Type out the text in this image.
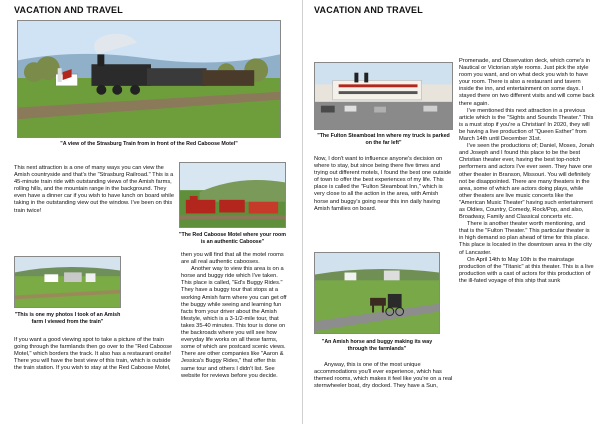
VACATION AND TRAVEL
"A view of the Strasburg Train from in front of the Red Caboose Motel"
This next attraction is a one of many ways you can view the Amish countryside and that's the "Strasburg Railroad." This is a 45-minute train ride with outstanding views of the Amish farms, rolling hills, and the mountain range in the background. They even have a dinner car if you wish to have lunch on board while taking in the outstanding view out the window. I've been on this train twice!
"The Red Caboose Motel where your room is an authentic Caboose"
"This is one my photos I took of an Amish farm I viewed from the train"
If you want a good viewing spot to take a picture of the train going through the farmlands then go over to the "Red Caboose Motel," which borders the track. It also has a restaurant onsite! There you will have the best view of this train, which is outside the train station. If you wish to stay at the Red Caboose Motel,
then you will find that all the motel rooms are all real authentic cabooses.

Another way to view this area is on a horse and buggy ride which I've taken. This place is called, "Ed's Buggy Rides." They have a buggy tour that stops at a working Amish farm where you can get off the buggy while seeing and learning fun facts from your driver about the Amish lifestyle, which is a 3-1/2-mile tour, that takes 35-40 minutes. This tour is done on the backroads where you will see how everyday life works on all these farms, some of which are postcard scenic views. There are other companies like "Aaron & Jessica's Buggy Rides," that offer this same tour and others I didn't list. See website for reviews before you decide.
VACATION AND TRAVEL
"The Fulton Steamboat Inn where my truck is parked on the far left"
Now, I don't want to influence anyone's decision on where to stay, but since being there five times and trying out different motels, I found the best one outside of town to offer the best experiences of my life. This place is called the "Fulton Steamboat Inn," which is very close to all the action in the area, with Amish horse and buggy's going near this inn daily having Amish families on board.
"An Amish horse and buggy making its way through the farmlands"
Anyway, this is one of the most unique accommodations you'll ever experience, which has themed rooms, which makes it feel like you're on a real sternwheeler boat, dry docked. They have a Sun,
Promenade, and Observation deck, which come's in Nautical or Victorian style rooms. Just pick the style room you want, and on what deck you wish to have your room. There is also a restaurant and tavern inside the inn, and entertainment on some days. I stayed there on two different visits and will come back there again.
I've mentioned this next attraction in a previous article which is the "Sights and Sounds Theater." This is a must stop if you're a Christian! In 2020, they will be having a live production of "Queen Esther" from March 14th until December 31st.
I've seen the productions of; Daniel, Moses, Jonah and Joseph and I found this place to be the best Christian theater ever, having the best top-notch performers and actors I've ever seen. They have one other theater in Branson, Missouri. You will definitely not be disappointed. There are many theaters in the area, some of which are actors doing plays, while other theaters are live music concerts like the "American Music Theater" having such entertainment as Oldies, Country, Comedy, Rock/Pop, and also, Broadway, Family and Classical concerts etc.
There is another theater worth mentioning, and that is the "Fulton Theater." This particular theater is in high demand so plan ahead of time for this place. This place is located in the downtown area in the city of Lancaster.
On April 14th to May 10th is the mainstage production of the "Titanic" at this theater. This is a live production with a cast of actors for this production of the ill-fated voyage of this ship that sunk
